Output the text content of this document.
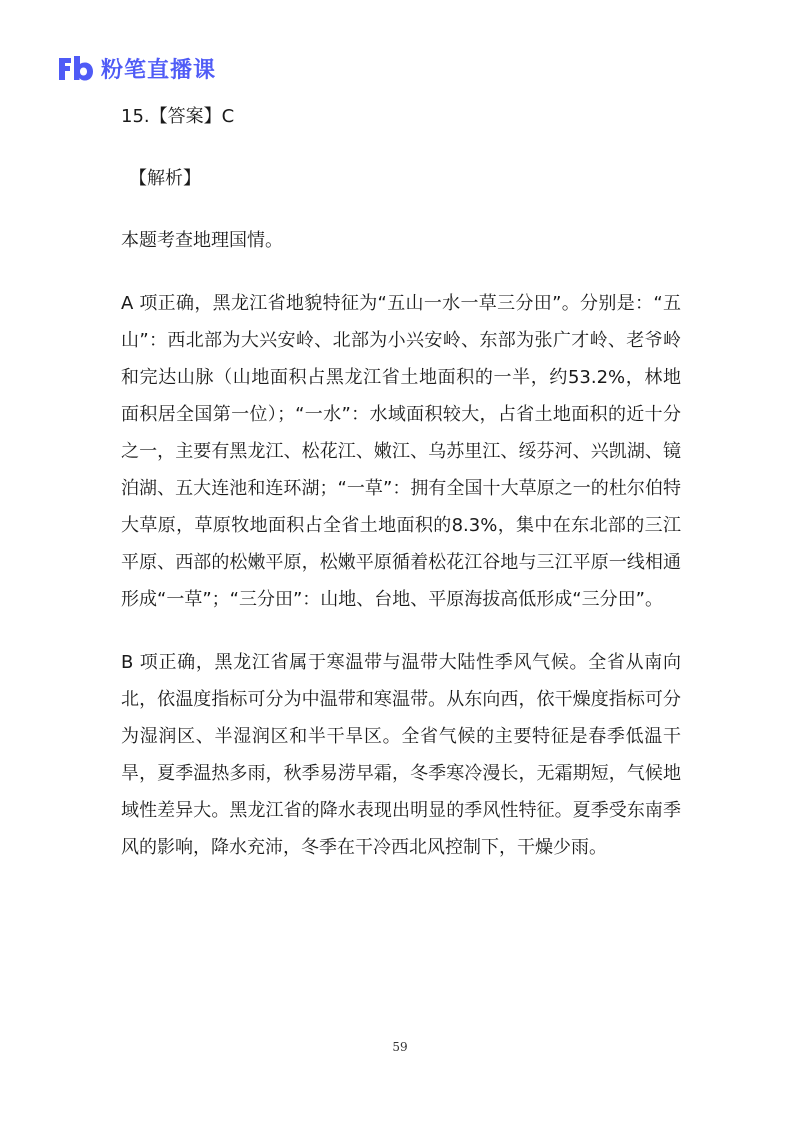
粉笔直播课

15.【答案】C

【解析】

本题考查地理国情。

A 项正确，黑龙江省地貌特征为“五山一水一草三分田”。分别是：“五山”：西北部为大兴安岭、北部为小兴安岭、东部为张广才岭、老爷岭和完达山脉（山地面积占黑龙江省土地面积的一半，约53.2%，林地面积居全国第一位）；“一水”：水域面积较大，占省土地面积的近十分之一，主要有黑龙江、松花江、嫩江、乌苏里江、绥芬河、兴凯湖、镜泊湖、五大连池和连环湖；“一草”：拥有全国十大草原之一的杜尔伯特大草原，草原牧地面积占全省土地面积的8.3%，集中在东北部的三江平原、西部的松嫩平原，松嫩平原循着松花江谷地与三江平原一线相通形成“一草”；“三分田”：山地、台地、平原海拔高低形成“三分田”。

B 项正确，黑龙江省属于寒温带与温带大陆性季风气候。全省从南向北，依温度指标可分为中温带和寒温带。从东向西，依干燥度指标可分为湿润区、半湿润区和半干旱区。全省气候的主要特征是春季低温干旱，夏季温热多雨，秋季易涝早霜，冬季寒冷漫长，无霜期短，气候地域性差异大。黑龙江省的降水表现出明显的季风性特征。夏季受东南季风的影响，降水充沛，冬季在干冷西北风控制下，干燥少雨。

59
